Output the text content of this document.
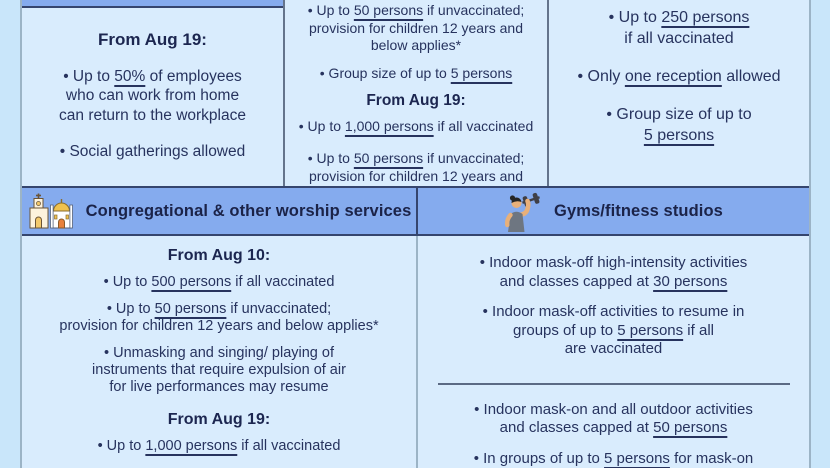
From Aug 19:
• Up to 50% of employees
who can work from home
can return to the workplace
• Social gatherings allowed
• Up to 50 persons if unvaccinated;
provision for children 12 years and
below applies*
• Group size of up to 5 persons
From Aug 19:
• Up to 1,000 persons if all vaccinated
• Up to 50 persons if unvaccinated;
provision for children 12 years and

• Up to 250 persons
if all vaccinated
• Only one reception allowed
• Group size of up to
5 persons
Congregational & other worship services	Gyms/fitness studios
From Aug 10:
• Up to 500 persons if all vaccinated
• Up to 50 persons if unvaccinated;
provision for children 12 years and below applies*
• Unmasking and singing/ playing of
instruments that require expulsion of air
for live performances may resume
From Aug 19:
• Up to 1,000 persons if all vaccinated
• Indoor mask-off high-intensity activities
and classes capped at 30 persons
• Indoor mask-off activities to resume in
groups of up to 5 persons if all
are vaccinated
• Indoor mask-on and all outdoor activities
and classes capped at 50 persons
• In groups of up to 5 persons for mask-on
